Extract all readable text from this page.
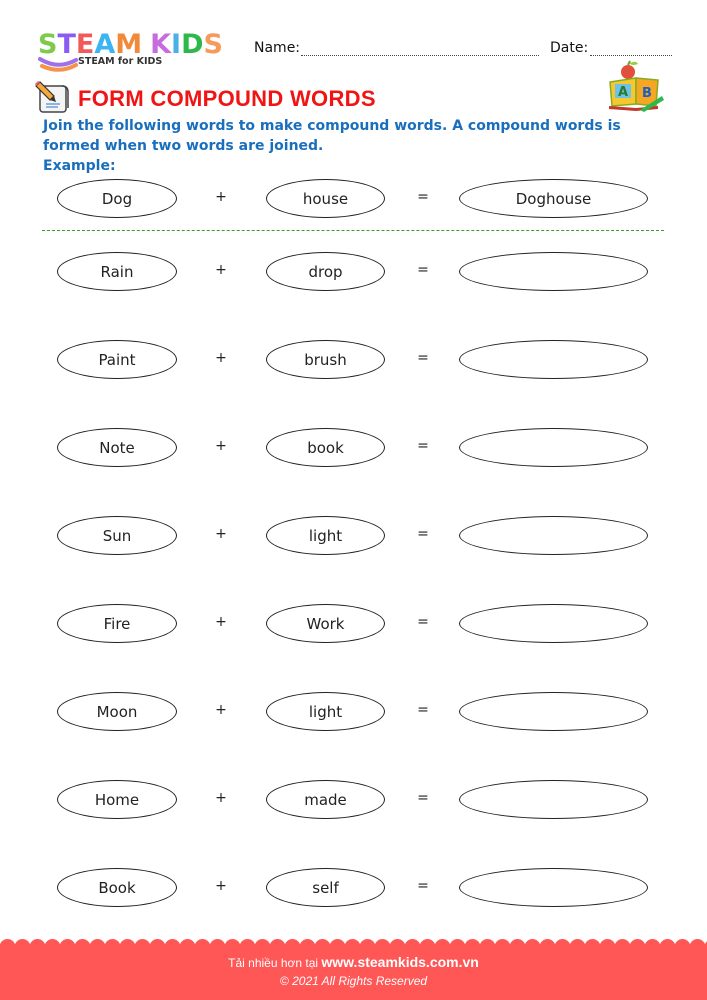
STEAM KIDS
STEAM for KIDS
Name:	Date:
A B
FORM COMPOUND WORDS
Join the following words to make compound words. A compound words is formed when two words are joined.
Example:
Dog	+	house	=	Doghouse
Rain	+	drop	=
Paint	+	brush	=
Note	+	book	=
Sun	+	light	=
Fire	+	Work	=
Moon	+	light	=
Home	+	made	=
Book	+	self	=
Tải nhiều hơn tại www.steamkids.com.vn
© 2021 All Rights Reserved
